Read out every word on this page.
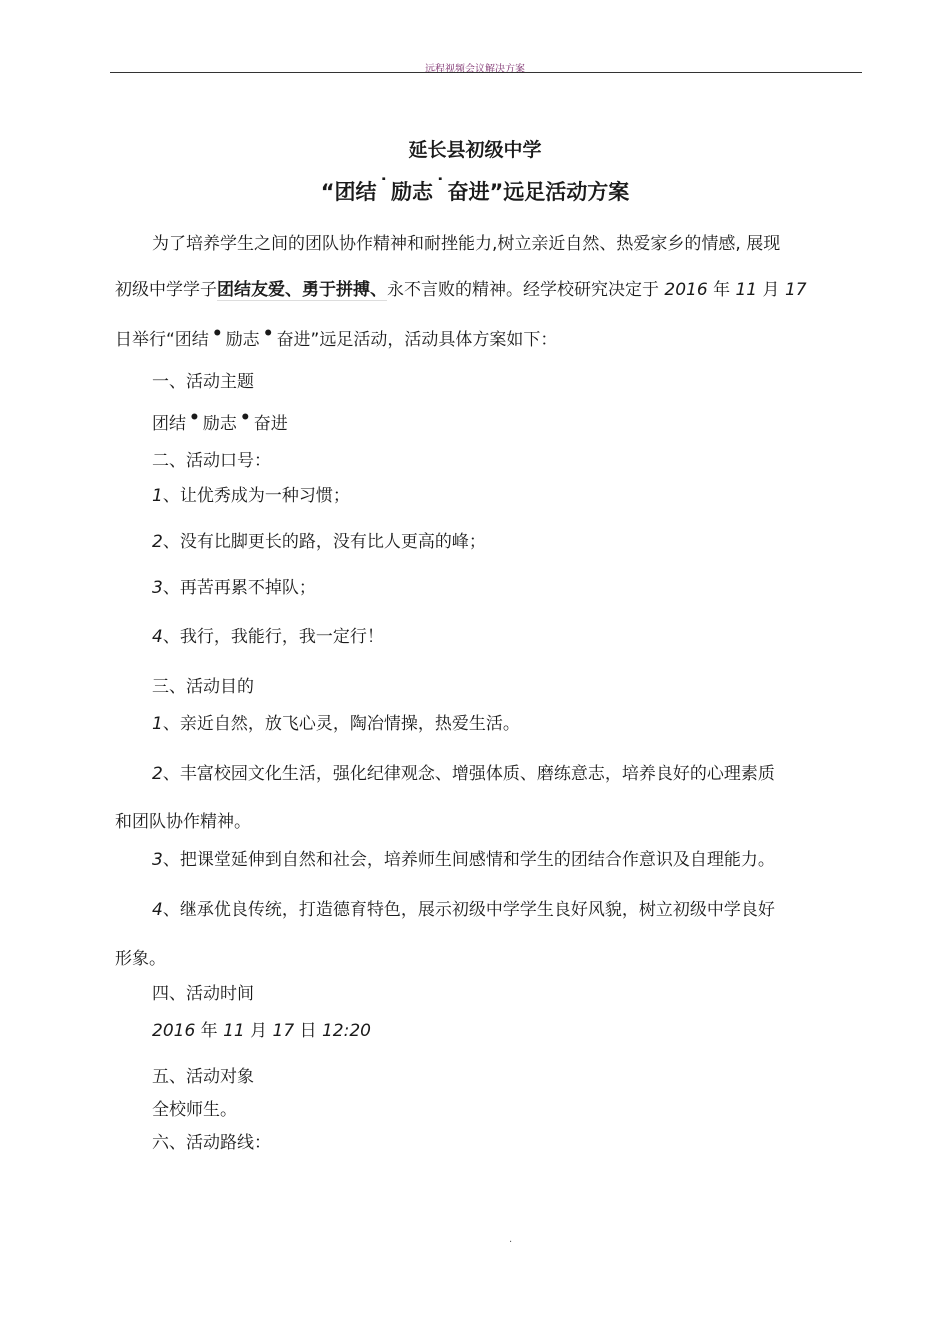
远程视频会议解决方案
延长县初级中学
“团结˙励志˙奋进”远足活动方案
为了培养学生之间的团队协作精神和耐挫能力,树立亲近自然、热爱家乡的情感, 展现
初级中学学子团结友爱、勇于拼搏、永不言败的精神。经学校研究决定于 2016 年 11 月 17
日举行“团结 • 励志 • 奋进”远足活动，活动具体方案如下：
一、活动主题
团结 • 励志 • 奋进
二、活动口号：
1、让优秀成为一种习惯；
2、没有比脚更长的路，没有比人更高的峰；
3、再苦再累不掉队；
4、我行，我能行，我一定行！
三、活动目的
1、亲近自然，放飞心灵，陶冶情操，热爱生活。
2、丰富校园文化生活，强化纪律观念、增强体质、磨练意志，培养良好的心理素质
和团队协作精神。
3、把课堂延伸到自然和社会，培养师生间感情和学生的团结合作意识及自理能力。
4、继承优良传统，打造德育特色，展示初级中学学生良好风貌，树立初级中学良好
形象。
四、活动时间
2016 年 11 月 17 日 12:20
五、活动对象
全校师生。
六、活动路线：
.
